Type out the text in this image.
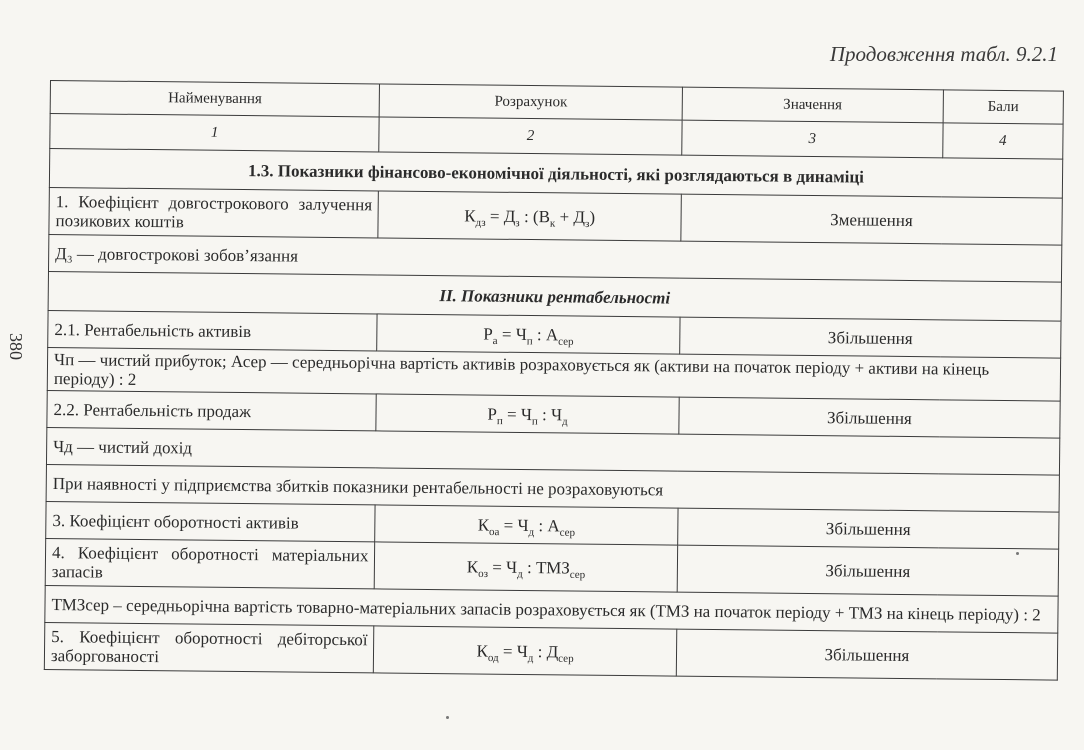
Продовження табл. 9.2.1
380
Найменування	Розрахунок	Значення	Бали
1	2	3	4
1.3. Показники фінансово-економічної діяльності, які розглядаються в динаміці			
1. Коефіцієнт довгострокового залучення позикових коштів	$К_{дз} = Д_з$ : $(В_к + Д_з)$	Зменшення	
Д₃ — довгострокові зобов’язання			
II. Показники рентабельності			
2.1. Рентабельність активів	$Р_а = Ч_п$ : $А_{сер}$	Збільшення	
Чп — чистий прибуток; Асер — середньорічна вартість активів розраховується як (активи на початок періоду + активи на кінець періоду) : 2			
2.2. Рентабельність продаж	$Р_п = Ч_п$ : $Ч_д$	Збільшення	
Чд — чистий дохід			
При наявності у підприємства збитків показники рентабельності не розраховуються			
3. Коефіцієнт оборотності активів	$К_{оа} = Ч_д$ : $А_{сер}$	Збільшення	
4. Коефіцієнт оборотності матеріальних запасів	$К_{оз} = Ч_д$ : $ТМЗ_{сер}$	Збільшення	
ТМЗсер – середньорічна вартість товарно-матеріальних запасів розраховується як (ТМЗ на початок періоду + ТМЗ на кінець періоду) : 2			
5. Коефіцієнт оборотності дебіторської заборгованості	$К_{од} = Ч_д$ : $Д_{сер}$	Збільшення	
